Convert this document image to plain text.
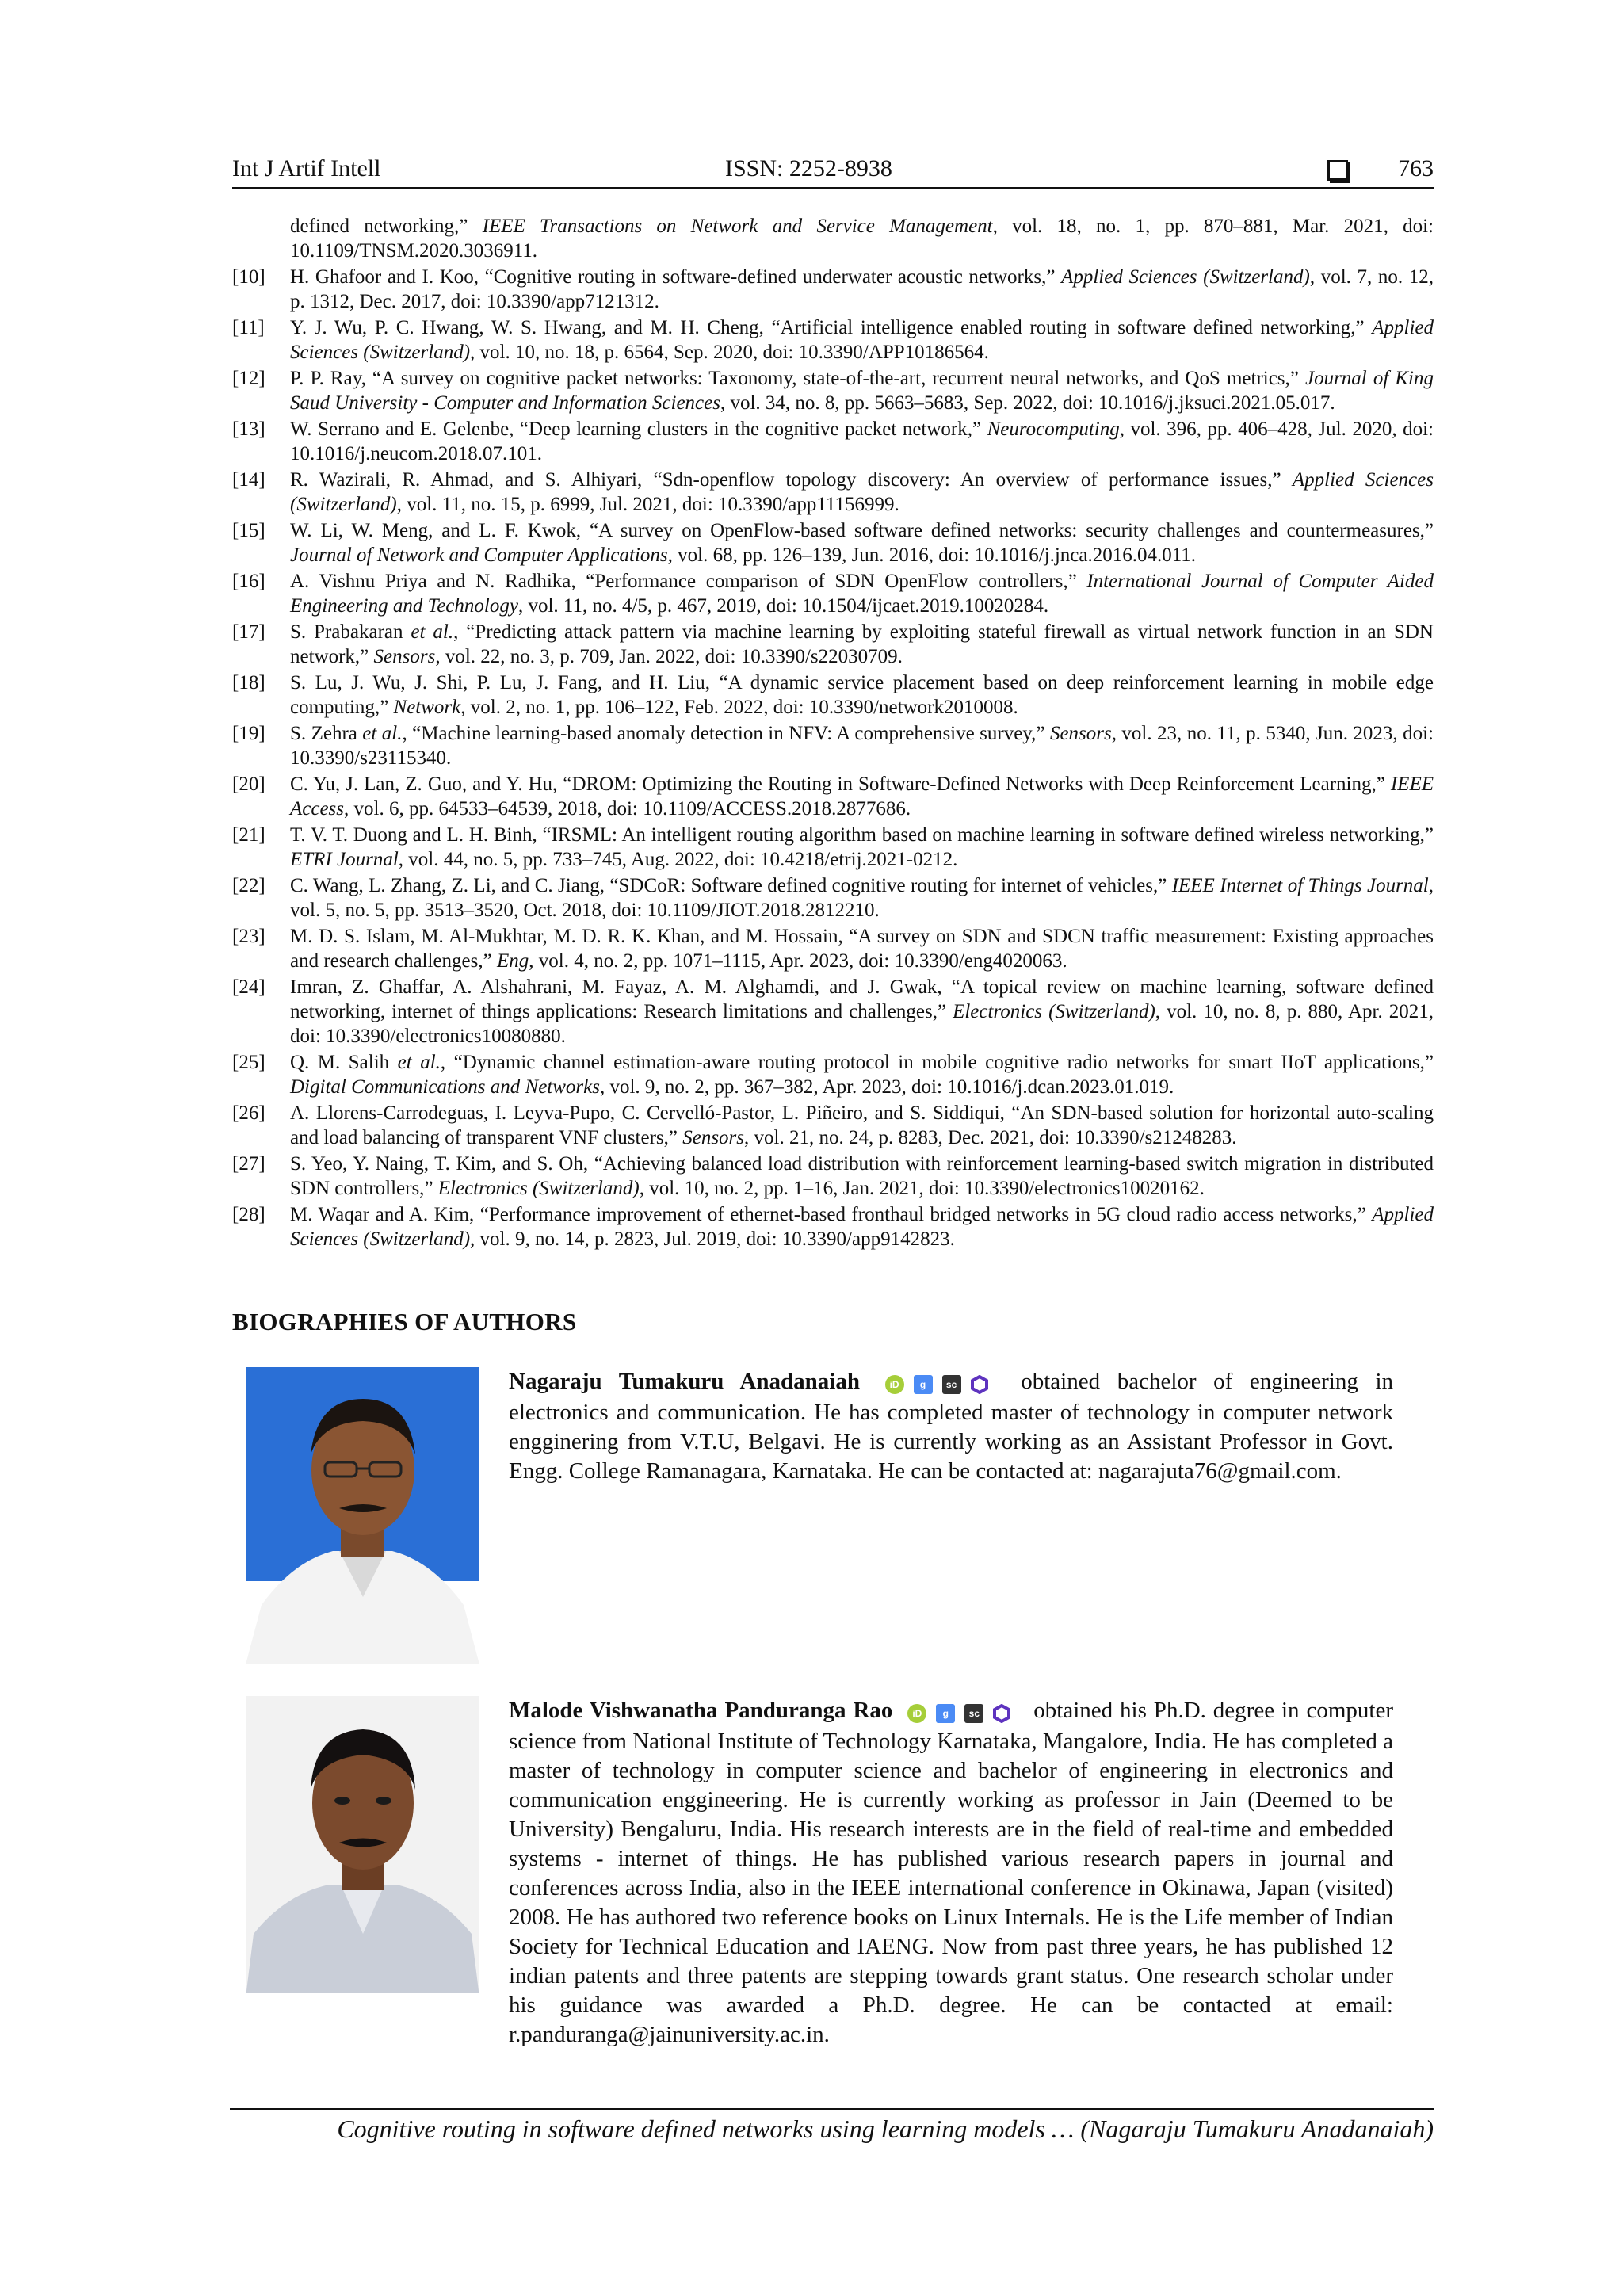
Int J Artif Intell	ISSN: 2252-8938	763
defined networking,” IEEE Transactions on Network and Service Management, vol. 18, no. 1, pp. 870–881, Mar. 2021, doi: 10.1109/TNSM.2020.3036911.
[10] H. Ghafoor and I. Koo, “Cognitive routing in software-defined underwater acoustic networks,” Applied Sciences (Switzerland), vol. 7, no. 12, p. 1312, Dec. 2017, doi: 10.3390/app7121312.
[11] Y. J. Wu, P. C. Hwang, W. S. Hwang, and M. H. Cheng, “Artificial intelligence enabled routing in software defined networking,” Applied Sciences (Switzerland), vol. 10, no. 18, p. 6564, Sep. 2020, doi: 10.3390/APP10186564.
[12] P. P. Ray, “A survey on cognitive packet networks: Taxonomy, state-of-the-art, recurrent neural networks, and QoS metrics,” Journal of King Saud University - Computer and Information Sciences, vol. 34, no. 8, pp. 5663–5683, Sep. 2022, doi: 10.1016/j.jksuci.2021.05.017.
[13] W. Serrano and E. Gelenbe, “Deep learning clusters in the cognitive packet network,” Neurocomputing, vol. 396, pp. 406–428, Jul. 2020, doi: 10.1016/j.neucom.2018.07.101.
[14] R. Wazirali, R. Ahmad, and S. Alhiyari, “Sdn-openflow topology discovery: An overview of performance issues,” Applied Sciences (Switzerland), vol. 11, no. 15, p. 6999, Jul. 2021, doi: 10.3390/app11156999.
[15] W. Li, W. Meng, and L. F. Kwok, “A survey on OpenFlow-based software defined networks: security challenges and countermeasures,” Journal of Network and Computer Applications, vol. 68, pp. 126–139, Jun. 2016, doi: 10.1016/j.jnca.2016.04.011.
[16] A. Vishnu Priya and N. Radhika, “Performance comparison of SDN OpenFlow controllers,” International Journal of Computer Aided Engineering and Technology, vol. 11, no. 4/5, p. 467, 2019, doi: 10.1504/ijcaet.2019.10020284.
[17] S. Prabakaran et al., “Predicting attack pattern via machine learning by exploiting stateful firewall as virtual network function in an SDN network,” Sensors, vol. 22, no. 3, p. 709, Jan. 2022, doi: 10.3390/s22030709.
[18] S. Lu, J. Wu, J. Shi, P. Lu, J. Fang, and H. Liu, “A dynamic service placement based on deep reinforcement learning in mobile edge computing,” Network, vol. 2, no. 1, pp. 106–122, Feb. 2022, doi: 10.3390/network2010008.
[19] S. Zehra et al., “Machine learning-based anomaly detection in NFV: A comprehensive survey,” Sensors, vol. 23, no. 11, p. 5340, Jun. 2023, doi: 10.3390/s23115340.
[20] C. Yu, J. Lan, Z. Guo, and Y. Hu, “DROM: Optimizing the Routing in Software-Defined Networks with Deep Reinforcement Learning,” IEEE Access, vol. 6, pp. 64533–64539, 2018, doi: 10.1109/ACCESS.2018.2877686.
[21] T. V. T. Duong and L. H. Binh, “IRSML: An intelligent routing algorithm based on machine learning in software defined wireless networking,” ETRI Journal, vol. 44, no. 5, pp. 733–745, Aug. 2022, doi: 10.4218/etrij.2021-0212.
[22] C. Wang, L. Zhang, Z. Li, and C. Jiang, “SDCoR: Software defined cognitive routing for internet of vehicles,” IEEE Internet of Things Journal, vol. 5, no. 5, pp. 3513–3520, Oct. 2018, doi: 10.1109/JIOT.2018.2812210.
[23] M. D. S. Islam, M. Al-Mukhtar, M. D. R. K. Khan, and M. Hossain, “A survey on SDN and SDCN traffic measurement: Existing approaches and research challenges,” Eng, vol. 4, no. 2, pp. 1071–1115, Apr. 2023, doi: 10.3390/eng4020063.
[24] Imran, Z. Ghaffar, A. Alshahrani, M. Fayaz, A. M. Alghamdi, and J. Gwak, “A topical review on machine learning, software defined networking, internet of things applications: Research limitations and challenges,” Electronics (Switzerland), vol. 10, no. 8, p. 880, Apr. 2021, doi: 10.3390/electronics10080880.
[25] Q. M. Salih et al., “Dynamic channel estimation-aware routing protocol in mobile cognitive radio networks for smart IIoT applications,” Digital Communications and Networks, vol. 9, no. 2, pp. 367–382, Apr. 2023, doi: 10.1016/j.dcan.2023.01.019.
[26] A. Llorens-Carrodeguas, I. Leyva-Pupo, C. Cervelló-Pastor, L. Piñeiro, and S. Siddiqui, “An SDN-based solution for horizontal auto-scaling and load balancing of transparent VNF clusters,” Sensors, vol. 21, no. 24, p. 8283, Dec. 2021, doi: 10.3390/s21248283.
[27] S. Yeo, Y. Naing, T. Kim, and S. Oh, “Achieving balanced load distribution with reinforcement learning-based switch migration in distributed SDN controllers,” Electronics (Switzerland), vol. 10, no. 2, pp. 1–16, Jan. 2021, doi: 10.3390/electronics10020162.
[28] M. Waqar and A. Kim, “Performance improvement of ethernet-based fronthaul bridged networks in 5G cloud radio access networks,” Applied Sciences (Switzerland), vol. 9, no. 14, p. 2823, Jul. 2019, doi: 10.3390/app9142823.
BIOGRAPHIES OF AUTHORS
Nagaraju Tumakuru Anadanaiah	iD g sc	obtained bachelor of engineering in electronics and communication. He has completed master of technology in computer network engginering from V.T.U, Belgavi. He is currently working as an Assistant Professor in Govt. Engg. College Ramanagara, Karnataka. He can be contacted at: nagarajuta76@gmail.com.
Malode Vishwanatha Panduranga Rao iD g sc obtained his Ph.D. degree in computer science from National Institute of Technology Karnataka, Mangalore, India. He has completed a master of technology in computer science and bachelor of engineering in electronics and communication enggineering. He is currently working as professor in Jain (Deemed to be University) Bengaluru, India. His research interests are in the field of real-time and embedded systems - internet of things. He has published various research papers in journal and conferences across India, also in the IEEE international conference in Okinawa, Japan (visited) 2008. He has authored two reference books on Linux Internals. He is the Life member of Indian Society for Technical Education and IAENG. Now from past three years, he has published 12 indian patents and three patents are stepping towards grant status. One research scholar under his guidance was awarded a Ph.D. degree. He can be contacted at email: r.panduranga@jainuniversity.ac.in.
Cognitive routing in software defined networks using learning models … (Nagaraju Tumakuru Anadanaiah)
